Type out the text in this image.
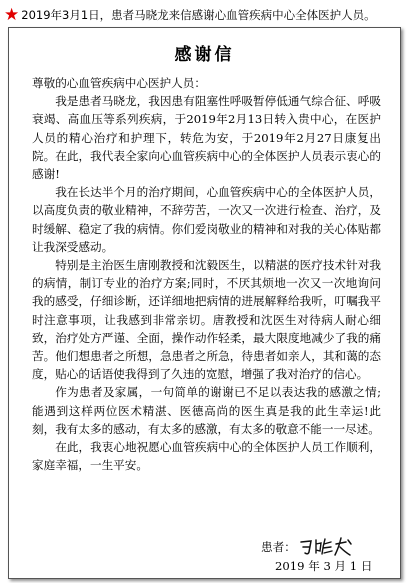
★ 2019年3月1日，患者马晓龙来信感谢心血管疾病中心全体医护人员。
感谢信

尊敬的心血管疾病中心医护人员：

我是患者马晓龙，我因患有阻塞性呼吸暂停低通气综合征、呼吸衰竭、高血压等系列疾病，于2019年2月13日转入贵中心，在医护人员的精心治疗和护理下，转危为安，于2019年2月27日康复出院。在此，我代表全家向心血管疾病中心的全体医护人员表示衷心的感谢!

我在长达半个月的治疗期间，心血管疾病中心的全体医护人员，以高度负责的敬业精神，不辞劳苦，一次又一次进行检查、治疗，及时缓解、稳定了我的病情。你们爱岗敬业的精神和对我的关心体贴都让我深受感动。

特别是主治医生唐刚教授和沈毅医生，以精湛的医疗技术针对我的病情，制订专业的治疗方案;同时，不厌其烦地一次又一次地询问我的感受，仔细诊断，还详细地把病情的进展解释给我听，叮嘱我平时注意事项，让我感到非常亲切。唐教授和沈医生对待病人耐心细致，治疗处方严谨、全面，操作动作轻柔，最大限度地减少了我的痛苦。他们想患者之所想，急患者之所急，待患者如亲人，其和蔼的态度，贴心的话语使我得到了久违的宽慰，增强了我对治疗的信心。

作为患者及家属，一句简单的谢谢已不足以表达我的感激之情;能遇到这样两位医术精湛、医德高尚的医生真是我的此生幸运!此刻，我有太多的感动，有太多的感激，有太多的敬意不能一一尽述。

在此，我衷心地祝愿心血管疾病中心的全体医护人员工作顺利，家庭幸福，一生平安。

患者：
2019 年 3 月 1 日
